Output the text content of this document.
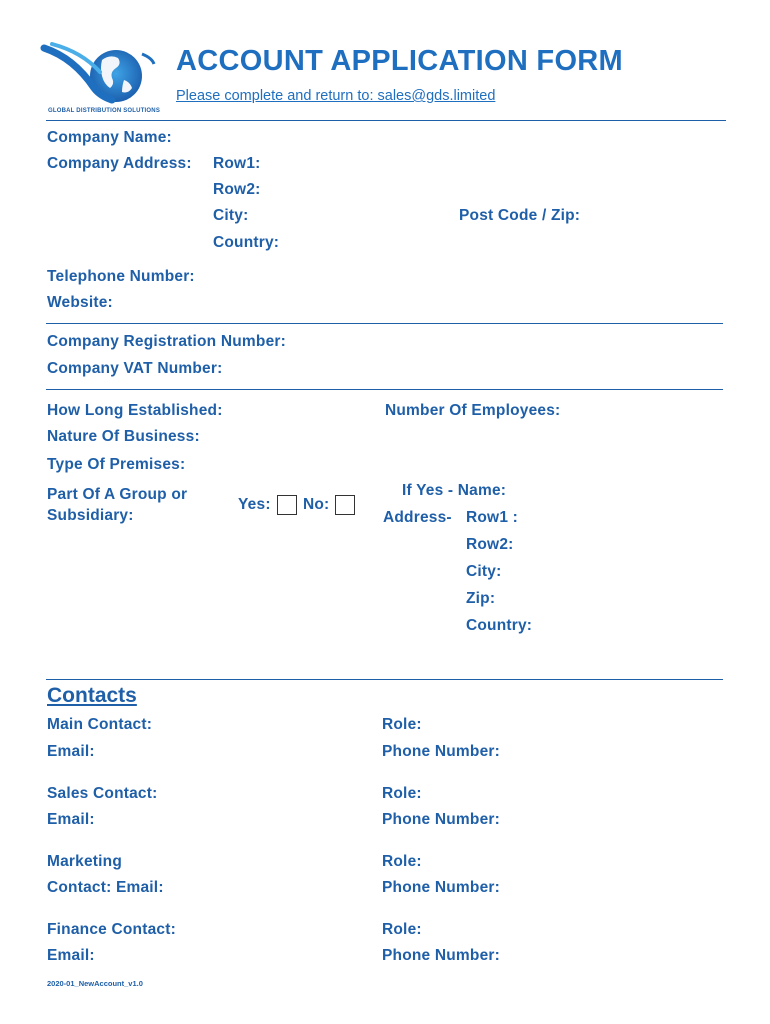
GLOBAL DISTRIBUTION SOLUTIONS
ACCOUNT APPLICATION FORM
Please complete and return to: sales@gds.limited
Company Name:
Company Address: Row1:
Row2:
City:	Post Code / Zip:
Country:
Telephone Number:
Website:
Company Registration Number:
Company VAT Number:
How Long Established:	Number Of Employees:
Nature Of Business:
Type Of Premises:
Part Of A Group or
Subsidiary:
Yes: No:
If Yes - Name:
Address- Row1 :
Row2:
City:
Zip:
Country:
Contacts
Main Contact:	Role:
Email:	Phone Number:
Sales Contact:	Role:
Email:	Phone Number:
Marketing	Role:
Contact: Email:	Phone Number:
Finance Contact:	Role:
Email:	Phone Number:
2020-01_NewAccount_v1.0
